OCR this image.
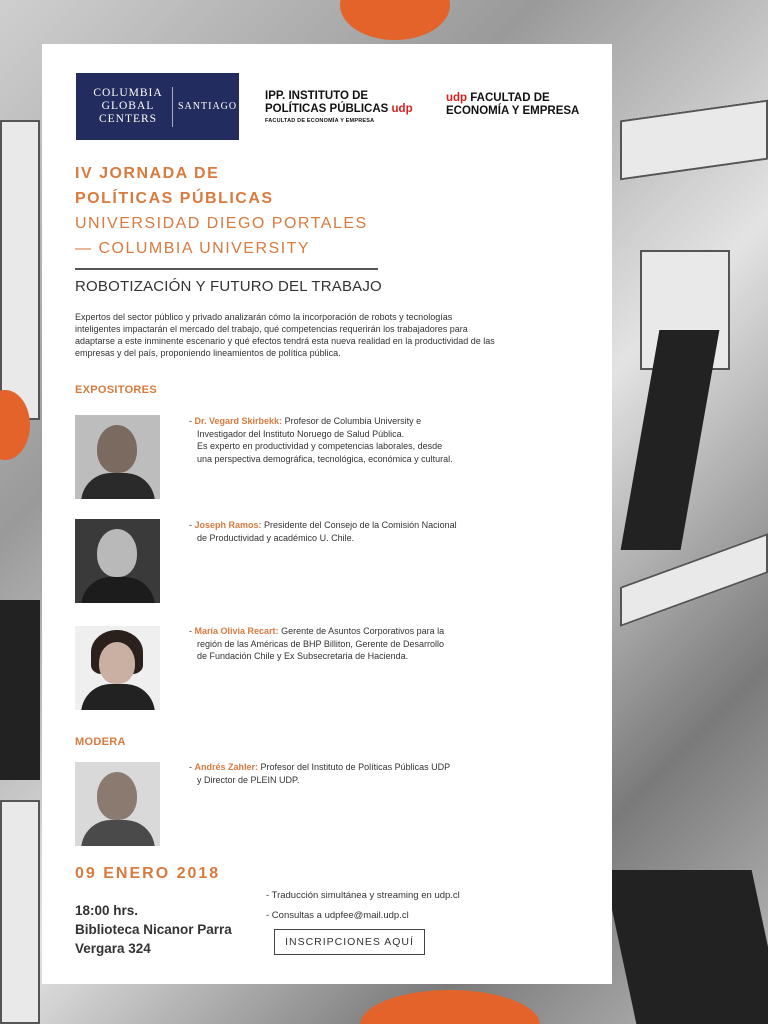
COLUMBIA
GLOBAL
CENTERS
SANTIAGO
IPP. INSTITUTO DE
POLÍTICAS PÚBLICAS udp
FACULTAD DE ECONOMÍA Y EMPRESA
udp FACULTAD DE
ECONOMÍA Y EMPRESA
IV JORNADA DE
POLÍTICAS PÚBLICAS
UNIVERSIDAD DIEGO PORTALES
— COLUMBIA UNIVERSITY
ROBOTIZACIÓN Y FUTURO DEL TRABAJO
Expertos del sector público y privado analizarán cómo la incorporación de robots y tecnologías inteligentes impactarán el mercado del trabajo, qué competencias requerirán los trabajadores para adaptarse a este inminente escenario y qué efectos tendrá esta nueva realidad en la productividad de las empresas y del país, proponiendo lineamientos de política pública.
EXPOSITORES
- Dr. Vegard Skirbekk: Profesor de Columbia University e
Investigador del Instituto Noruego de Salud Pública.
Es experto en productividad y competencias laborales, desde
una perspectiva demográfica, tecnológica, económica y cultural.
- Joseph Ramos: Presidente del Consejo de la Comisión Nacional
de Productividad y académico U. Chile.
- María Olivia Recart: Gerente de Asuntos Corporativos para la
región de las Américas de BHP Billiton, Gerente de Desarrollo
de Fundación Chile y Ex Subsecretaria de Hacienda.
MODERA
- Andrés Zahler: Profesor del Instituto de Políticas Públicas UDP
y Director de PLEIN UDP.
09 ENERO 2018
18:00 hrs.
Biblioteca Nicanor Parra
Vergara 324
- Traducción simultánea y streaming en udp.cl
- Consultas a udpfee@mail.udp.cl
INSCRIPCIONES AQUÍ
